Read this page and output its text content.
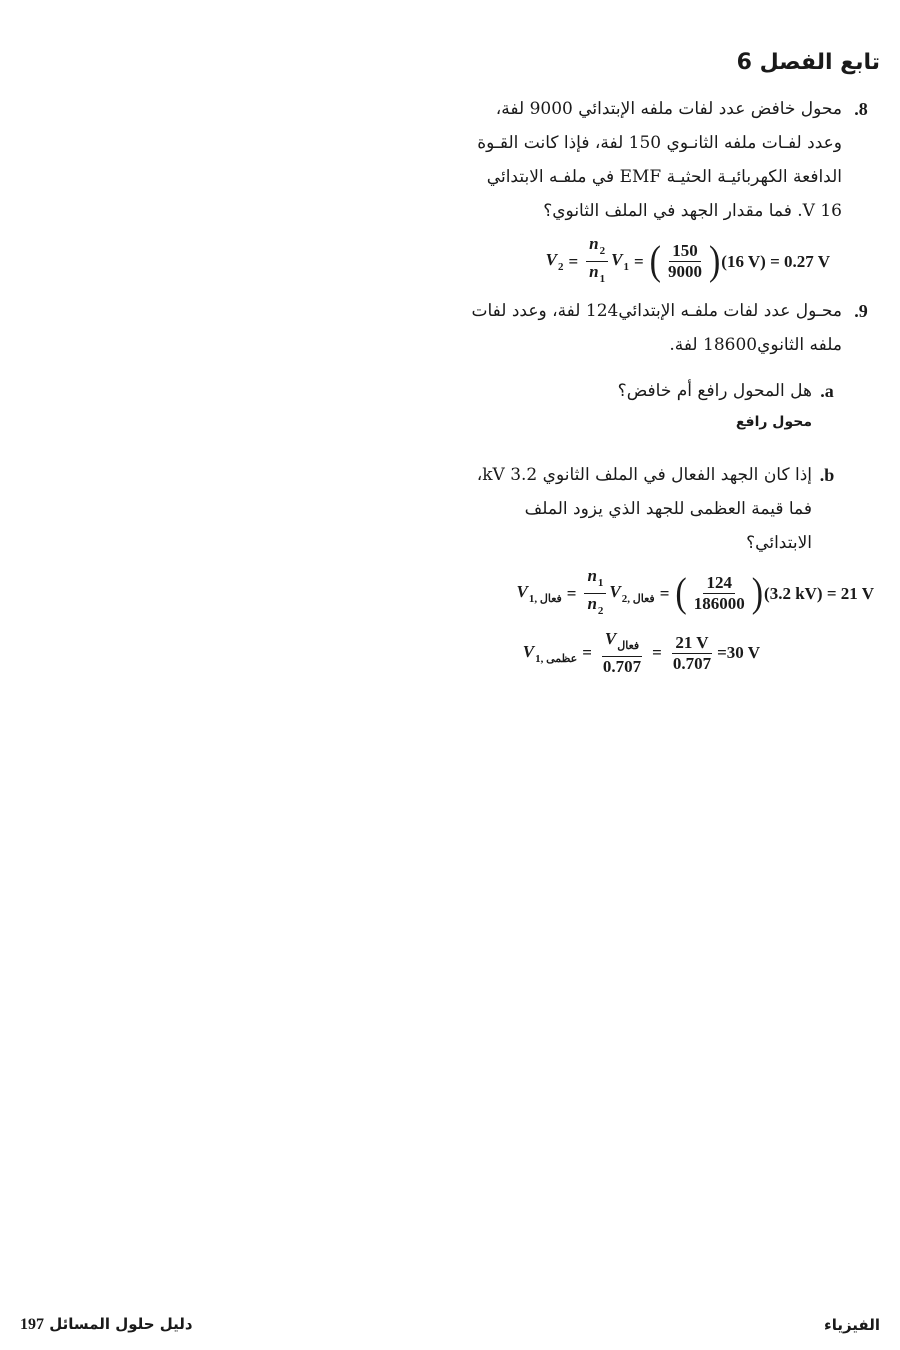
تابع الفصل 6
.8
محول خافض عدد لفات ملفه الإبتدائي 9000 لفة، وعدد لفـات ملفه الثانـوي 150 لفة، فإذا كانت القـوة الدافعة الكهربائيـة الحثيـة EMF في ملفـه الابتدائي 16 V. فما مقدار الجهد في الملف الثانوي؟
$V_2 = \frac{n_2}{n_1} V_1$ = ( $\frac{150}{9000}$ ) (16 V) = 0.27 V
.9
محـول عدد لفات ملفـه الإبتدائي124 لفة، وعدد لفات ملفه الثانوي18600 لفة.
.a
هل المحول رافع أم خافض؟
محول رافع
.b
إذا كان الجهد الفعال في الملف الثانوي 3.2 kV، فما قيمة العظمى للجهد الذي يزود الملف الابتدائي؟
$V_{1, فعال} = \frac{n_1}{n_2} V_{2, فعال}$ = ( $\frac{124}{186000}$ ) (3.2 kV) = 21 V
$V_{1, عظمى} = \frac{V_{فعال}}{0.707} = \frac{21 V}{0.707} =30$ V
دليل حلول المسائل 197	الفيزياء
